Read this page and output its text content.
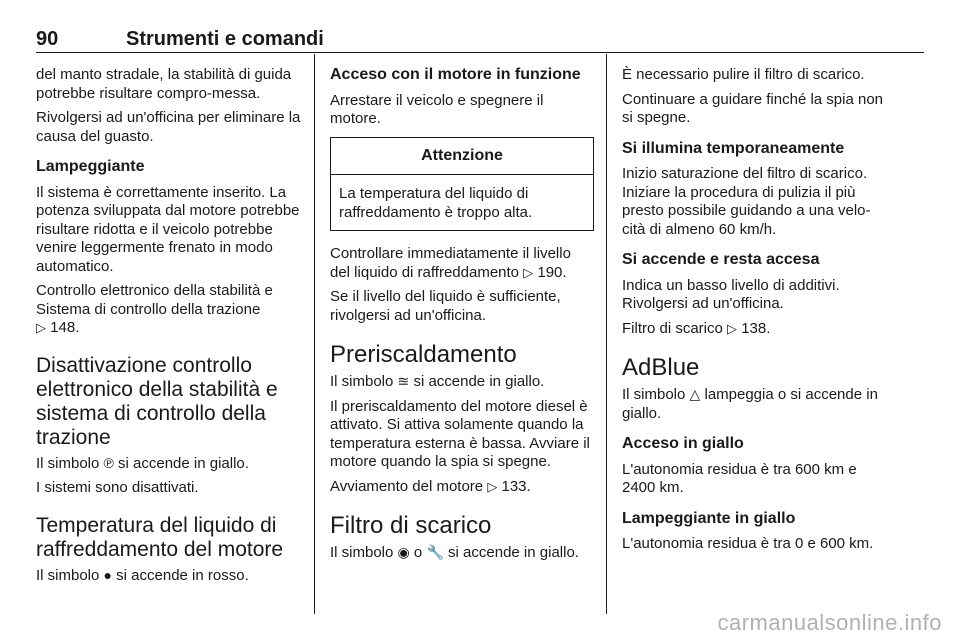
90	Strumenti e comandi

del manto stradale, la stabilità di guida potrebbe risultare compro-messa.

Rivolgersi ad un'officina per eliminare la causa del guasto.

Lampeggiante

Il sistema è correttamente inserito. La potenza sviluppata dal motore potrebbe risultare ridotta e il veicolo potrebbe venire leggermente frenato in modo automatico.

Controllo elettronico della stabilità e Sistema di controllo della trazione
▷ 148.

Disattivazione controllo elettronico della stabilità e sistema di controllo della trazione

Il simbolo ℗ si accende in giallo.

I sistemi sono disattivati.

Temperatura del liquido di raffreddamento del motore

Il simbolo ● si accende in rosso.

Acceso con il motore in funzione

Arrestare il veicolo e spegnere il motore.

Attenzione
La temperatura del liquido di raffreddamento è troppo alta.

Controllare immediatamente il livello del liquido di raffreddamento ▷ 190.

Se il livello del liquido è sufficiente, rivolgersi ad un'officina.

Preriscaldamento

Il simbolo ≊ si accende in giallo.

Il preriscaldamento del motore diesel è attivato. Si attiva solamente quando la temperatura esterna è bassa. Avviare il motore quando la spia si spegne.

Avviamento del motore ▷ 133.

Filtro di scarico

Il simbolo ◉ o 🔧 si accende in giallo.

È necessario pulire il filtro di scarico.

Continuare a guidare finché la spia non si spegne.

Si illumina temporaneamente

Inizio saturazione del filtro di scarico. Iniziare la procedura di pulizia il più presto possibile guidando a una velo-cità di almeno 60 km/h.

Si accende e resta accesa

Indica un basso livello di additivi. Rivolgersi ad un'officina.

Filtro di scarico ▷ 138.

AdBlue

Il simbolo △ lampeggia o si accende in giallo.

Acceso in giallo

L'autonomia residua è tra 600 km e 2400 km.

Lampeggiante in giallo

L'autonomia residua è tra 0 e 600 km.

carmanualsonline.info
